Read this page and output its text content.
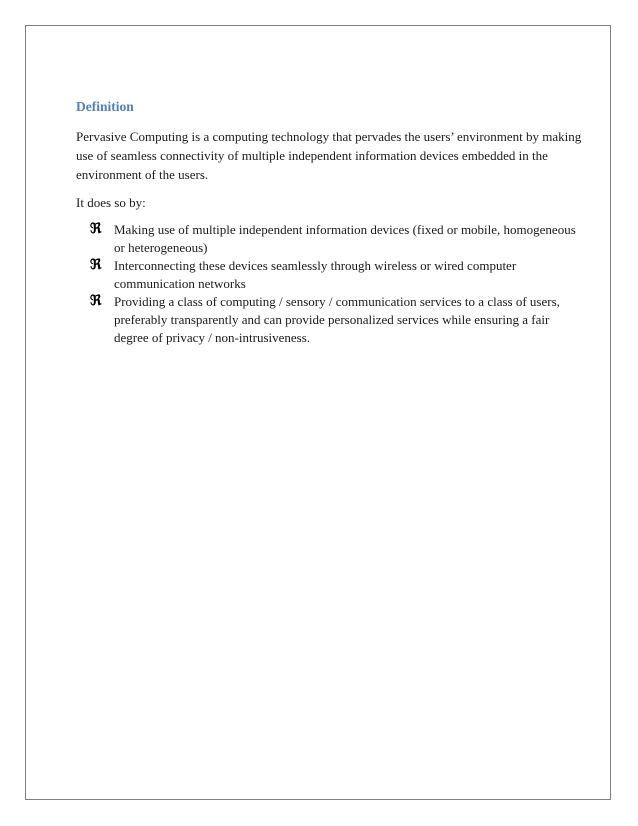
Definition

Pervasive Computing is a computing technology that pervades the users’ environment by making use of seamless connectivity of multiple independent information devices embedded in the environment of the users.

It does so by:

ℜ Making use of multiple independent information devices (fixed or mobile, homogeneous or heterogeneous)
ℜ Interconnecting these devices seamlessly through wireless or wired computer communication networks
ℜ Providing a class of computing / sensory / communication services to a class of users, preferably transparently and can provide personalized services while ensuring a fair degree of privacy / non-intrusiveness.
